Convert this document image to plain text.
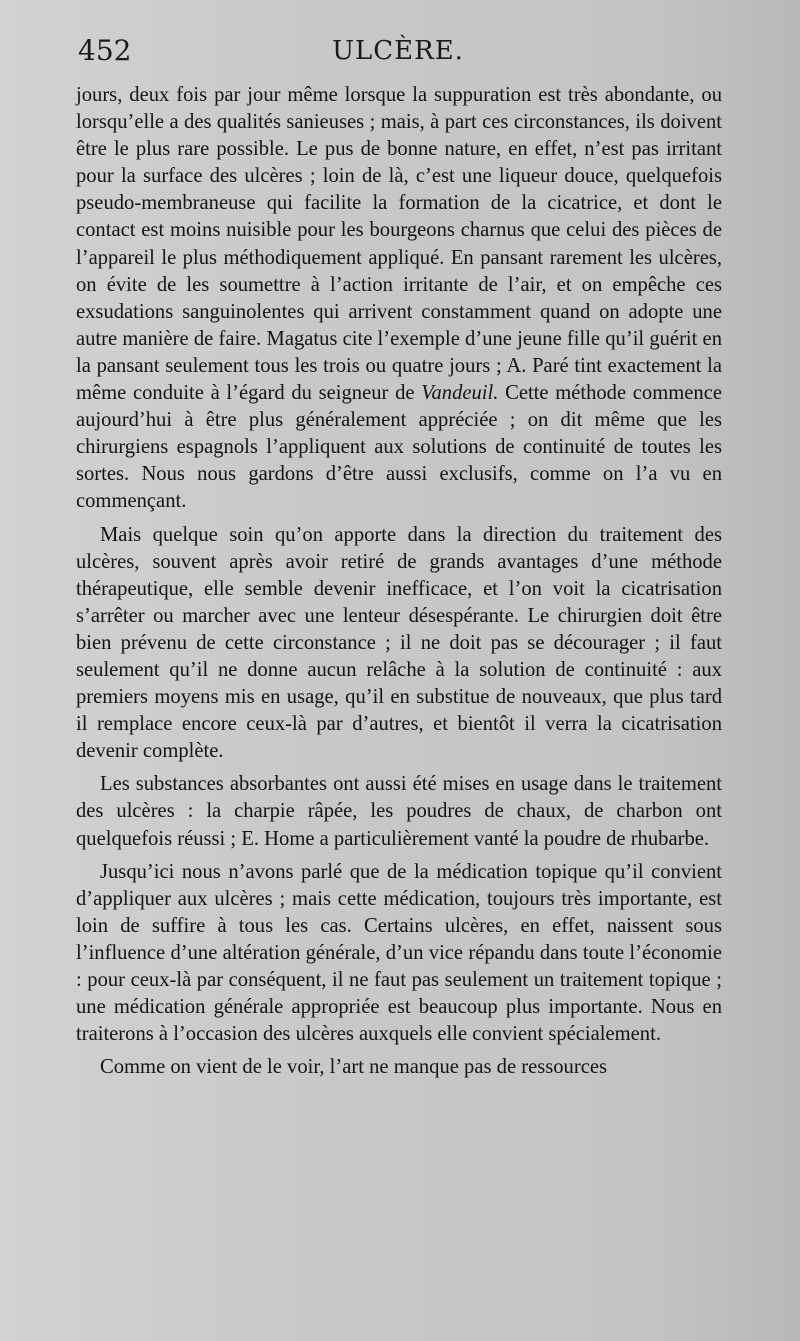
452	ULCÈRE.

jours, deux fois par jour même lorsque la suppuration est très abondante, ou lorsqu’elle a des qualités sanieuses ; mais, à part ces circonstances, ils doivent être le plus rare possible. Le pus de bonne nature, en effet, n’est pas irritant pour la surface des ulcères ; loin de là, c’est une liqueur douce, quelquefois pseudo-membraneuse qui facilite la formation de la cicatrice, et dont le contact est moins nuisible pour les bourgeons charnus que celui des pièces de l’appareil le plus méthodiquement appliqué. En pansant rarement les ulcères, on évite de les soumettre à l’action irritante de l’air, et on empêche ces exsudations sanguinolentes qui arrivent constamment quand on adopte une autre manière de faire. Magatus cite l’exemple d’une jeune fille qu’il guérit en la pansant seulement tous les trois ou quatre jours ; A. Paré tint exactement la même conduite à l’égard du seigneur de Vandeuil. Cette méthode commence aujourd’hui à être plus généralement appréciée ; on dit même que les chirurgiens espagnols l’appliquent aux solutions de continuité de toutes les sortes. Nous nous gardons d’être aussi exclusifs, comme on l’a vu en commençant.

Mais quelque soin qu’on apporte dans la direction du traitement des ulcères, souvent après avoir retiré de grands avantages d’une méthode thérapeutique, elle semble devenir inefficace, et l’on voit la cicatrisation s’arrêter ou marcher avec une lenteur désespérante. Le chirurgien doit être bien prévenu de cette circonstance ; il ne doit pas se décourager ; il faut seulement qu’il ne donne aucun relâche à la solution de continuité : aux premiers moyens mis en usage, qu’il en substitue de nouveaux, que plus tard il remplace encore ceux-là par d’autres, et bientôt il verra la cicatrisation devenir complète.

Les substances absorbantes ont aussi été mises en usage dans le traitement des ulcères : la charpie râpée, les poudres de chaux, de charbon ont quelquefois réussi ; E. Home a particulièrement vanté la poudre de rhubarbe.

Jusqu’ici nous n’avons parlé que de la médication topique qu’il convient d’appliquer aux ulcères ; mais cette médication, toujours très importante, est loin de suffire à tous les cas. Certains ulcères, en effet, naissent sous l’influence d’une altération générale, d’un vice répandu dans toute l’économie : pour ceux-là par conséquent, il ne faut pas seulement un traitement topique ; une médication générale appropriée est beaucoup plus importante. Nous en traiterons à l’occasion des ulcères auxquels elle convient spécialement.

Comme on vient de le voir, l’art ne manque pas de ressources
